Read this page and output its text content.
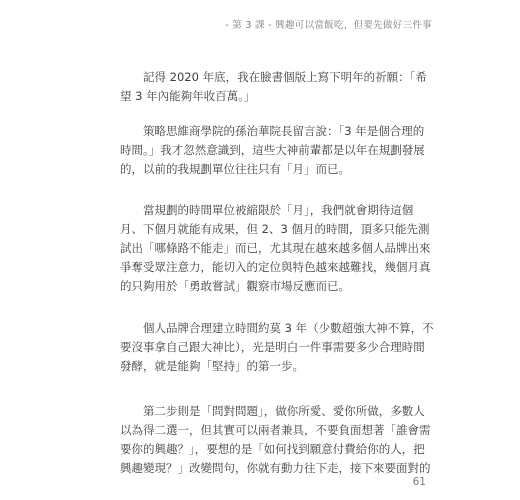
- 第 3 課 - 興趣可以當飯吃，但要先做好三件事

記得 2020 年底，我在臉書個版上寫下明年的祈願：「希
望 3 年內能夠年收百萬。」

策略思維商學院的孫治華院長留言說：「3 年是個合理的
時間。」我才忽然意識到，這些大神前輩都是以年在規劃發展
的，以前的我規劃單位往往只有「月」而已。

當規劃的時間單位被縮限於「月」，我們就會期待這個
月、下個月就能有成果，但 2、3 個月的時間，頂多只能先測
試出「哪條路不能走」而已，尤其現在越來越多個人品牌出來
爭奪受眾注意力，能切入的定位與特色越來越難找，幾個月真
的只夠用於「勇敢嘗試」觀察市場反應而已。

個人品牌合理建立時間約莫 3 年（少數超強大神不算，不
要沒事拿自己跟大神比），光是明白一件事需要多少合理時間
發酵，就是能夠「堅持」的第一步。

第二步則是「問對問題」，做你所愛、愛你所做，多數人
以為得二選一，但其實可以兩者兼具，不要負面想著「誰會需
要你的興趣？」，要想的是「如何找到願意付費給你的人，把
興趣變現？」改變問句，你就有動力往下走，接下來要面對的

61
